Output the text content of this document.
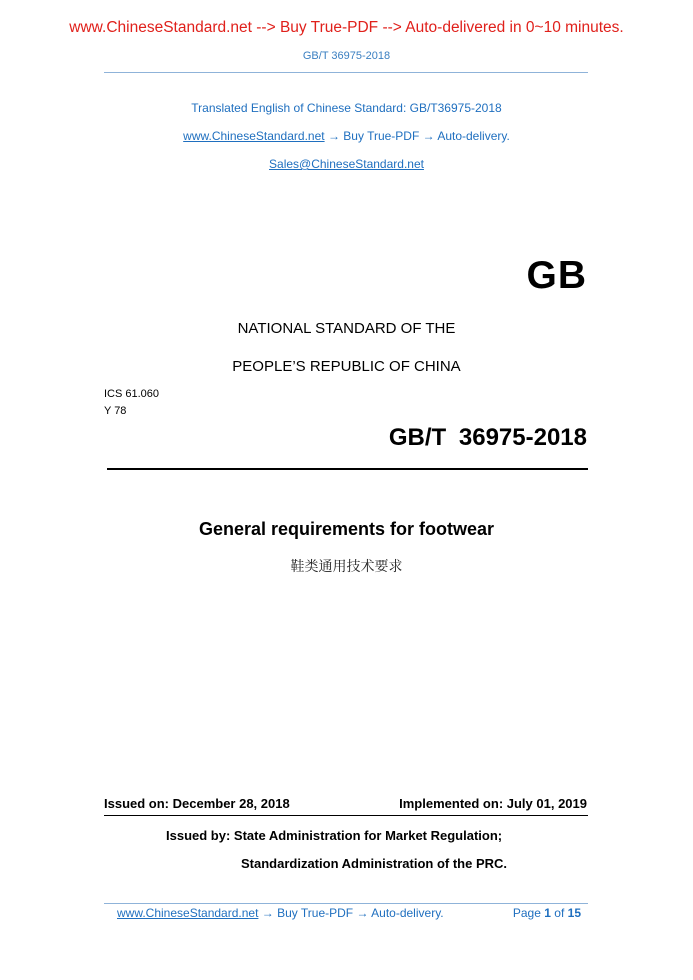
www.ChineseStandard.net --> Buy True-PDF --> Auto-delivered in 0~10 minutes.
GB/T 36975-2018
Translated English of Chinese Standard: GB/T36975-2018
www.ChineseStandard.net → Buy True-PDF → Auto-delivery.
Sales@ChineseStandard.net
GB
NATIONAL STANDARD OF THE
PEOPLE’S REPUBLIC OF CHINA
ICS 61.060
Y 78
GB/T 36975-2018
General requirements for footwear
鞋类通用技术要求
Issued on: December 28, 2018	Implemented on: July 01, 2019
Issued by: State Administration for Market Regulation;
Standardization Administration of the PRC.
www.ChineseStandard.net → Buy True-PDF → Auto-delivery.	Page 1 of 15
